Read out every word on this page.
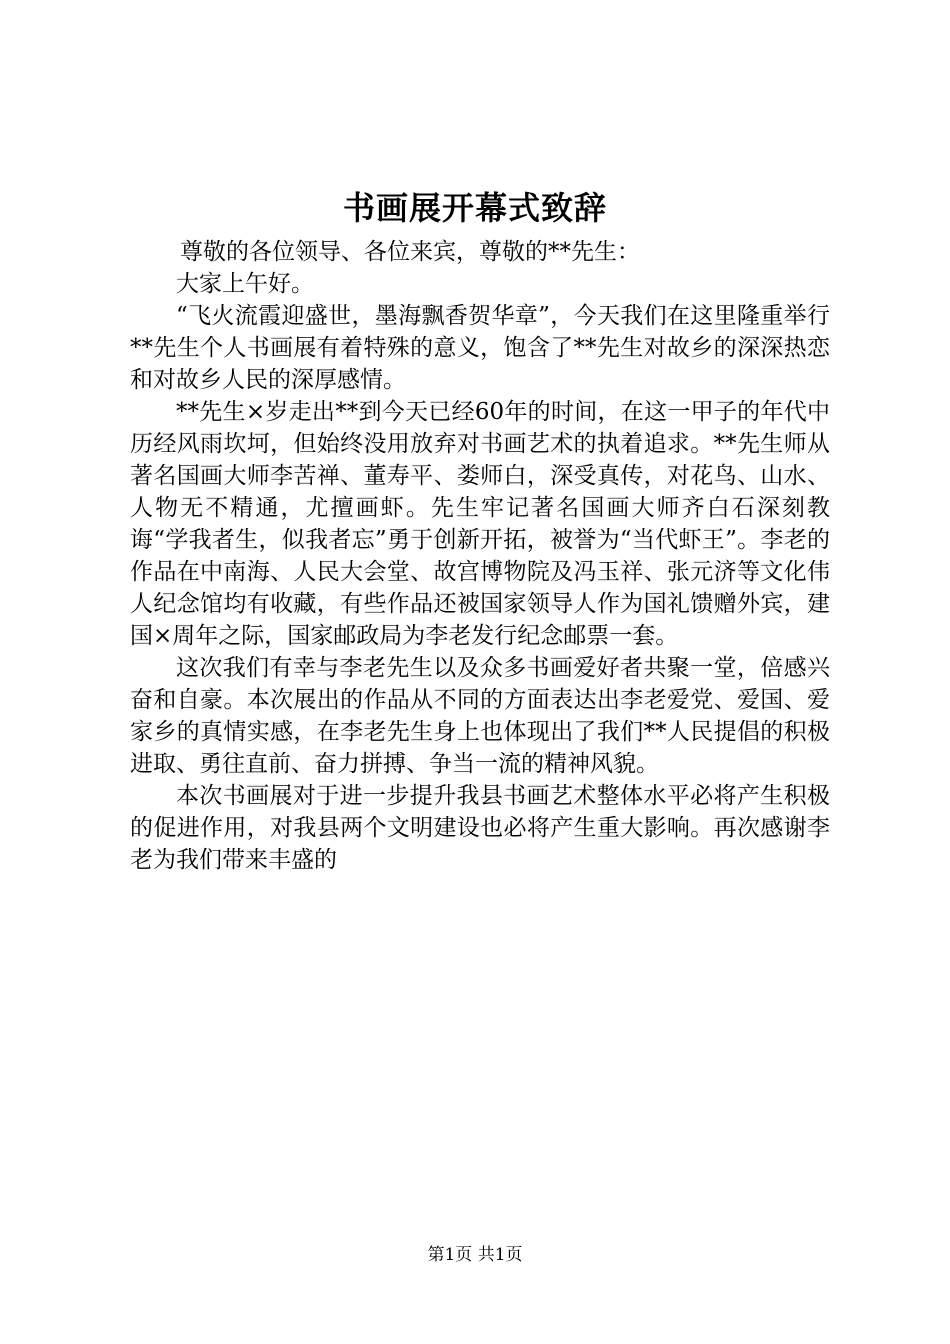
书画展开幕式致辞

尊敬的各位领导、各位来宾，尊敬的**先生：

大家上午好。

“飞火流霞迎盛世，墨海飘香贺华章”，今天我们在这里隆重举行**先生个人书画展有着特殊的意义，饱含了**先生对故乡的深深热恋和对故乡人民的深厚感情。

**先生×岁走出**到今天已经60年的时间，在这一甲子的年代中历经风雨坎坷，但始终没用放弃对书画艺术的执着追求。**先生师从著名国画大师李苦禅、董寿平、娄师白，深受真传，对花鸟、山水、人物无不精通，尤擅画虾。先生牢记著名国画大师齐白石深刻教诲“学我者生，似我者忘”勇于创新开拓，被誉为“当代虾王”。李老的作品在中南海、人民大会堂、故宫博物院及冯玉祥、张元济等文化伟人纪念馆均有收藏，有些作品还被国家领导人作为国礼馈赠外宾，建国×周年之际，国家邮政局为李老发行纪念邮票一套。

这次我们有幸与李老先生以及众多书画爱好者共聚一堂，倍感兴奋和自豪。本次展出的作品从不同的方面表达出李老爱党、爱国、爱家乡的真情实感，在李老先生身上也体现出了我们**人民提倡的积极进取、勇往直前、奋力拼搏、争当一流的精神风貌。

本次书画展对于进一步提升我县书画艺术整体水平必将产生积极的促进作用，对我县两个文明建设也必将产生重大影响。再次感谢李老为我们带来丰盛的

第1页 共1页
